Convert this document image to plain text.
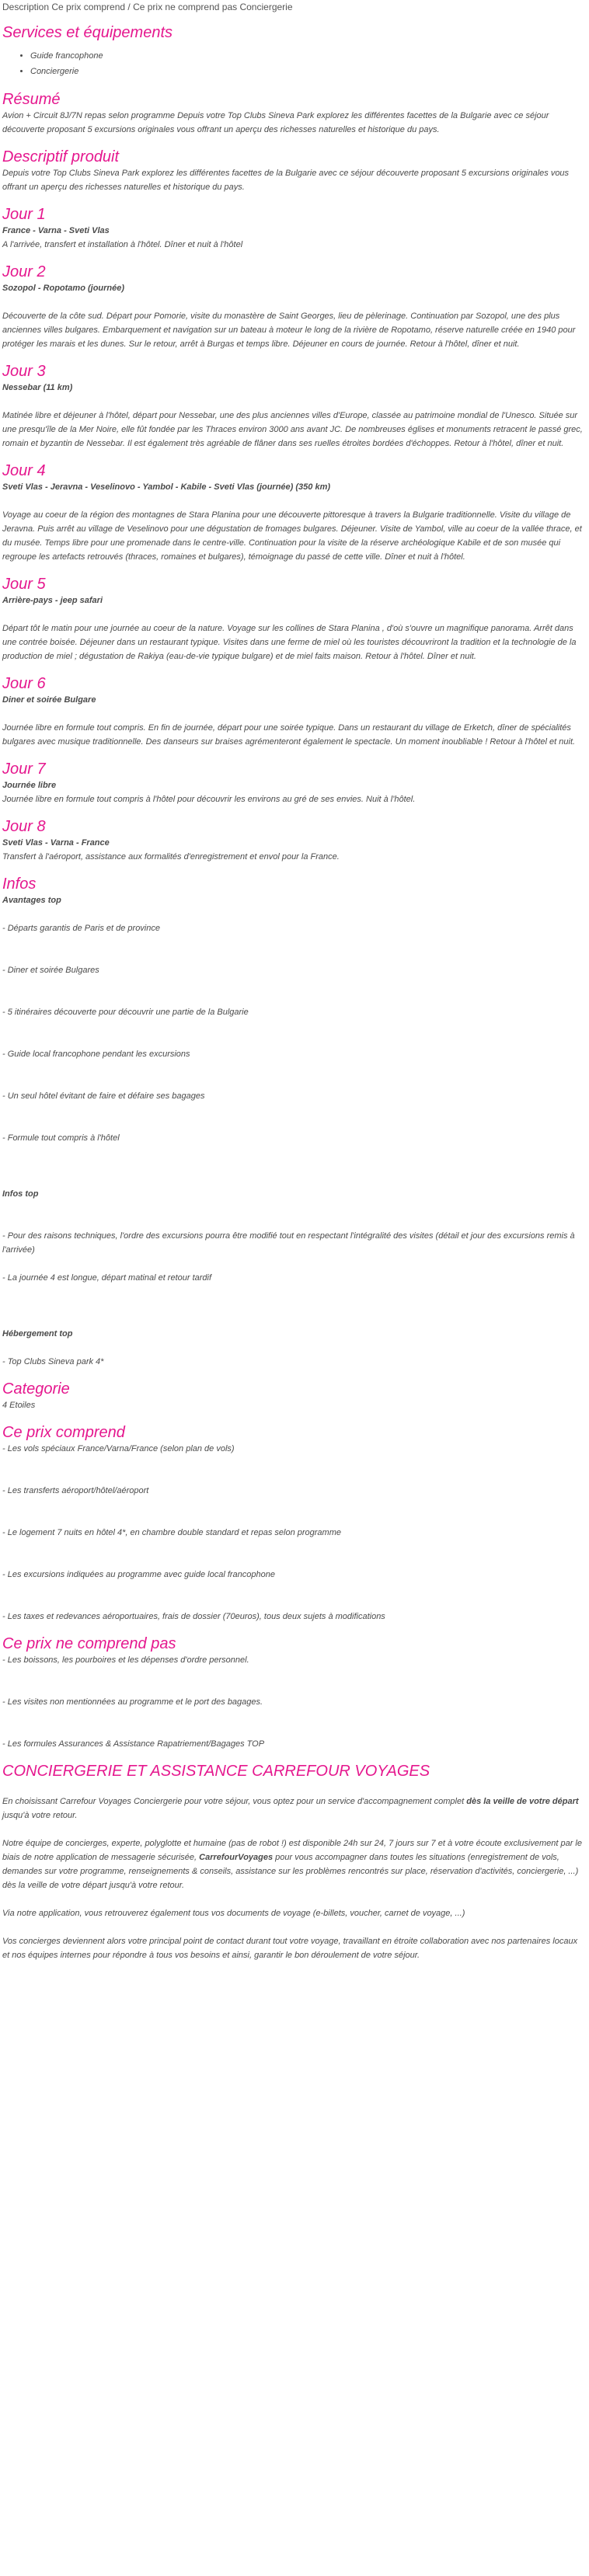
Description Ce prix comprend / Ce prix ne comprend pas Conciergerie
Services et équipements
• Guide francophone
• Conciergerie
Résumé

Avion + Circuit 8J/7N repas selon programme Depuis votre Top Clubs Sineva Park explorez les différentes facettes de la Bulgarie avec ce séjour découverte proposant 5 excursions originales vous offrant un aperçu des richesses naturelles et historique du pays.

Descriptif produit

Depuis votre Top Clubs Sineva Park explorez les différentes facettes de la Bulgarie avec ce séjour découverte proposant 5 excursions originales vous offrant un aperçu des richesses naturelles et historique du pays.

Jour 1
France - Varna - Sveti Vlas

A l'arrivée, transfert et installation à l'hôtel. Dîner et nuit à l'hôtel

Jour 2
Sozopol - Ropotamo (journée)

Découverte de la côte sud. Départ pour Pomorie, visite du monastère de Saint Georges, lieu de pèlerinage. Continuation par Sozopol, une des plus anciennes villes bulgares. Embarquement et navigation sur un bateau à moteur le long de la rivière de Ropotamo, réserve naturelle créée en 1940 pour protéger les marais et les dunes. Sur le retour, arrêt à Burgas et temps libre. Déjeuner en cours de journée. Retour à l'hôtel, dîner et nuit.

Jour 3
Nessebar (11 km)

Matinée libre et déjeuner à l'hôtel, départ pour Nessebar, une des plus anciennes villes d'Europe, classée au patrimoine mondial de l'Unesco. Située sur une presqu'île de la Mer Noire, elle fût fondée par les Thraces environ 3000 ans avant JC. De nombreuses églises et monuments retracent le passé grec, romain et byzantin de Nessebar. Il est également très agréable de flâner dans ses ruelles étroites bordées d'échoppes. Retour à l'hôtel, dîner et nuit.

Jour 4
Sveti Vlas - Jeravna - Veselinovo - Yambol - Kabile - Sveti Vlas (journée) (350 km)

Voyage au coeur de la région des montagnes de Stara Planina pour une découverte pittoresque à travers la Bulgarie traditionnelle. Visite du village de Jeravna. Puis arrêt au village de Veselinovo pour une dégustation de fromages bulgares. Déjeuner. Visite de Yambol, ville au coeur de la vallée thrace, et du musée. Temps libre pour une promenade dans le centre-ville. Continuation pour la visite de la réserve archéologique Kabile et de son musée qui regroupe les artefacts retrouvés (thraces, romaines et bulgares), témoignage du passé de cette ville. Dîner et nuit à l'hôtel.

Jour 5
Arrière-pays - jeep safari

Départ tôt le matin pour une journée au coeur de la nature. Voyage sur les collines de Stara Planina , d'où s'ouvre un magnifique panorama. Arrêt dans une contrée boisée. Déjeuner dans un restaurant typique. Visites dans une ferme de miel où les touristes découvriront la tradition et la technologie de la production de miel ; dégustation de Rakiya (eau-de-vie typique bulgare) et de miel faits maison. Retour à l'hôtel. Dîner et nuit.

Jour 6
Diner et soirée Bulgare

Journée libre en formule tout compris. En fin de journée, départ pour une soirée typique. Dans un restaurant du village de Erketch, dîner de spécialités bulgares avec musique traditionnelle. Des danseurs sur braises agrémenteront également le spectacle. Un moment inoubliable ! Retour à l'hôtel et nuit.

Jour 7
Journée libre

Journée libre en formule tout compris à l'hôtel pour découvrir les environs au gré de ses envies. Nuit à l'hôtel.

Jour 8
Sveti Vlas - Varna - France

Transfert à l'aéroport, assistance aux formalités d'enregistrement et envol pour la France.

Infos
Avantages top

- Départs garantis de Paris et de province

- Diner et soirée Bulgares

- 5 itinéraires découverte pour découvrir une partie de la Bulgarie

- Guide local francophone pendant les excursions

- Un seul hôtel évitant de faire et défaire ses bagages

- Formule tout compris à l'hôtel

Infos top

- Pour des raisons techniques, l'ordre des excursions pourra être modifié tout en respectant l'intégralité des visites (détail et jour des excursions remis à l'arrivée)

- La journée 4 est longue, départ matinal et retour tardif

Hébergement top

- Top Clubs Sineva park 4*

Categorie

4 Etoiles

Ce prix comprend

- Les vols spéciaux France/Varna/France (selon plan de vols)

- Les transferts aéroport/hôtel/aéroport

- Le logement 7 nuits en hôtel 4*, en chambre double standard et repas selon programme

- Les excursions indiquées au programme avec guide local francophone

- Les taxes et redevances aéroportuaires, frais de dossier (70euros), tous deux sujets à modifications

Ce prix ne comprend pas

- Les boissons, les pourboires et les dépenses d'ordre personnel.

- Les visites non mentionnées au programme et le port des bagages.

- Les formules Assurances & Assistance Rapatriement/Bagages TOP

CONCIERGERIE ET ASSISTANCE CARREFOUR VOYAGES

En choisissant Carrefour Voyages Conciergerie pour votre séjour, vous optez pour un service d'accompagnement complet dès la veille de votre départ jusqu'à votre retour.

Notre équipe de concierges, experte, polyglotte et humaine (pas de robot !) est disponible 24h sur 24, 7 jours sur 7 et à votre écoute exclusivement par le biais de notre application de messagerie sécurisée, CarrefourVoyages pour vous accompagner dans toutes les situations (enregistrement de vols, demandes sur votre programme, renseignements & conseils, assistance sur les problèmes rencontrés sur place, réservation d'activités, conciergerie, ...) dès la veille de votre départ jusqu'à votre retour.

Via notre application, vous retrouverez également tous vos documents de voyage (e-billets, voucher, carnet de voyage, ...)

Vos concierges deviennent alors votre principal point de contact durant tout votre voyage, travaillant en étroite collaboration avec nos partenaires locaux et nos équipes internes pour répondre à tous vos besoins et ainsi, garantir le bon déroulement de votre séjour.
